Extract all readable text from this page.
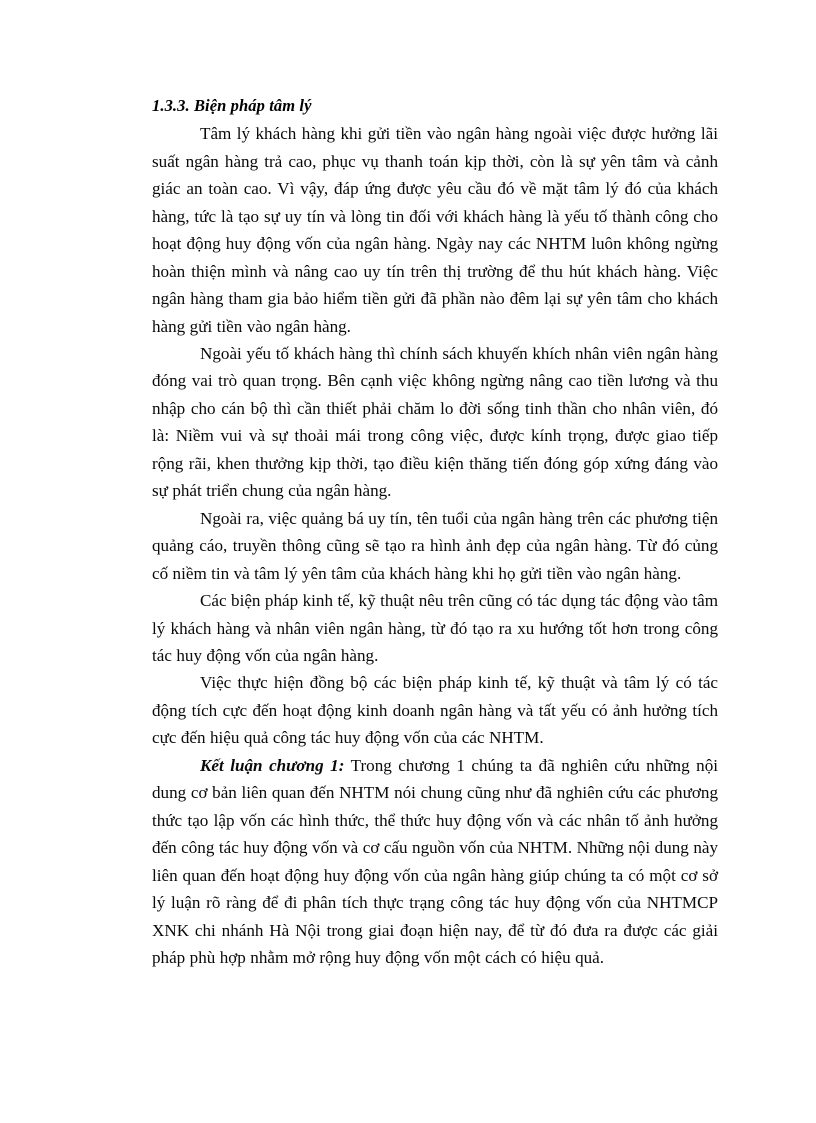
1.3.3. Biện pháp tâm lý

Tâm lý khách hàng khi gửi tiền vào ngân hàng ngoài việc được hưởng lãi suất ngân hàng trả cao, phục vụ thanh toán kịp thời, còn là sự yên tâm và cảnh giác an toàn cao. Vì vậy, đáp ứng được yêu cầu đó về mặt tâm lý đó của khách hàng, tức là tạo sự uy tín và lòng tin đối với khách hàng là yếu tố thành công cho hoạt động huy động vốn của ngân hàng. Ngày nay các NHTM luôn không ngừng hoàn thiện mình và nâng cao uy tín trên thị trường để thu hút khách hàng. Việc ngân hàng tham gia bảo hiểm tiền gửi đã phần nào đêm lại sự yên tâm cho khách hàng gửi tiền vào ngân hàng.

Ngoài yếu tố khách hàng thì chính sách khuyến khích nhân viên ngân hàng đóng vai trò quan trọng. Bên cạnh việc không ngừng nâng cao tiền lương và thu nhập cho cán bộ thì cần thiết phải chăm lo đời sống tinh thần cho nhân viên, đó là: Niềm vui và sự thoải mái trong công việc, được kính trọng, được giao tiếp rộng rãi, khen thưởng kịp thời, tạo điều kiện thăng tiến đóng góp xứng đáng vào sự phát triển chung của ngân hàng.

Ngoài ra, việc quảng bá uy tín, tên tuổi của ngân hàng trên các phương tiện quảng cáo, truyền thông cũng sẽ tạo ra hình ảnh đẹp của ngân hàng. Từ đó củng cố niềm tin và tâm lý yên tâm của khách hàng khi họ gửi tiền vào ngân hàng.

Các biện pháp kinh tế, kỹ thuật nêu trên cũng có tác dụng tác động vào tâm lý khách hàng và nhân viên ngân hàng, từ đó tạo ra xu hướng tốt hơn trong công tác huy động vốn của ngân hàng.

Việc thực hiện đồng bộ các biện pháp kinh tế, kỹ thuật và tâm lý có tác động tích cực đến hoạt động kinh doanh ngân hàng và tất yếu có ảnh hưởng tích cực đến hiệu quả công tác huy động vốn của các NHTM.

Kết luận chương 1: Trong chương 1 chúng ta đã nghiên cứu những nội dung cơ bản liên quan đến NHTM nói chung cũng như đã nghiên cứu các phương thức tạo lập vốn các hình thức, thể thức huy động vốn và các nhân tố ảnh hưởng đến công tác huy động vốn và cơ cấu nguồn vốn của NHTM. Những nội dung này liên quan đến hoạt động huy động vốn của ngân hàng giúp chúng ta có một cơ sở lý luận rõ ràng để đi phân tích thực trạng công tác huy động vốn của NHTMCP XNK chi nhánh Hà Nội trong giai đoạn hiện nay, để từ đó đưa ra được các giải pháp phù hợp nhằm mở rộng huy động vốn một cách có hiệu quả.
